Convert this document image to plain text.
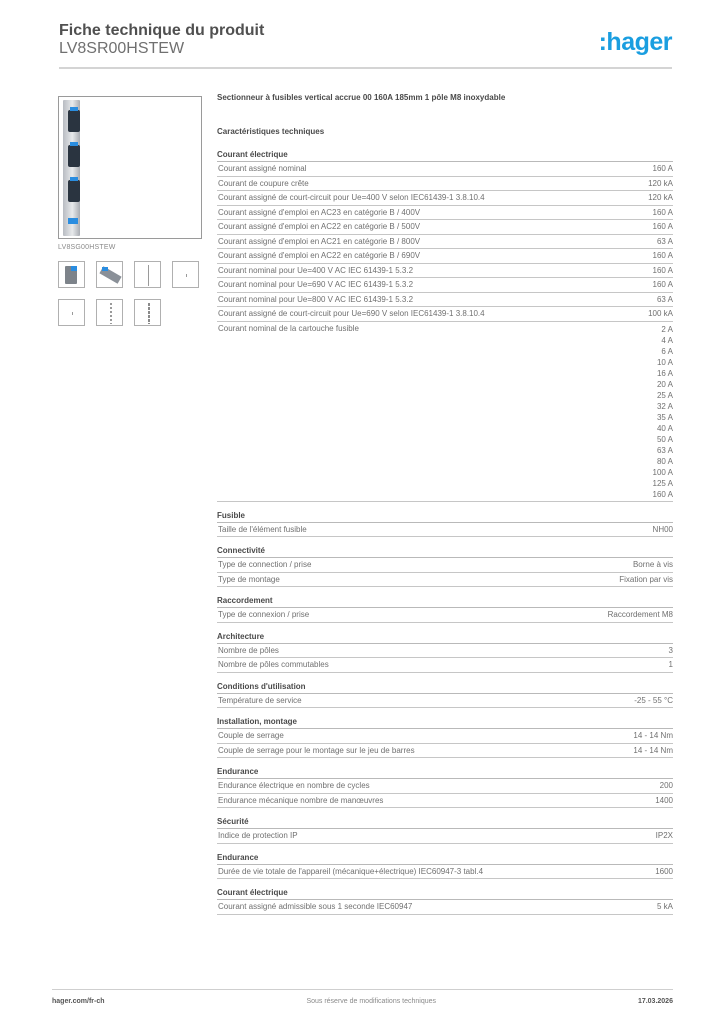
Fiche technique du produit
LV8SR00HSTEW	:hager
LV8SG00HSTEW
Sectionneur à fusibles vertical accrue 00 160A 185mm 1 pôle M8 inoxydable
Caractéristiques techniques
Courant électrique
Courant assigné nominal	160 A
Courant de coupure crête	120 kA
Courant assigné de court-circuit pour Ue=400 V selon IEC61439-1 3.8.10.4	120 kA
Courant assigné d'emploi en AC23 en catégorie B / 400V	160 A
Courant assigné d'emploi en AC22 en catégorie B / 500V	160 A
Courant assigné d'emploi en AC21 en catégorie B / 800V	63 A
Courant assigné d'emploi en AC22 en catégorie B / 690V	160 A
Courant nominal pour Ue=400 V AC IEC 61439-1 5.3.2	160 A
Courant nominal pour Ue=690 V AC IEC 61439-1 5.3.2	160 A
Courant nominal pour Ue=800 V AC IEC 61439-1 5.3.2	63 A
Courant assigné de court-circuit pour Ue=690 V selon IEC61439-1 3.8.10.4	100 kA
Courant nominal de la cartouche fusible	2 A
4 A
6 A
10 A
16 A
20 A
25 A
32 A
35 A
40 A
50 A
63 A
80 A
100 A
125 A
160 A
Fusible
Taille de l'élément fusible	NH00
Connectivité
Type de connection / prise	Borne à vis
Type de montage	Fixation par vis
Raccordement
Type de connexion / prise	Raccordement M8
Architecture
Nombre de pôles	3
Nombre de pôles commutables	1
Conditions d'utilisation
Température de service	-25 - 55 °C
Installation, montage
Couple de serrage	14 - 14 Nm
Couple de serrage pour le montage sur le jeu de barres	14 - 14 Nm
Endurance
Endurance électrique en nombre de cycles	200
Endurance mécanique nombre de manœuvres	1400
Sécurité
Indice de protection IP	IP2X
Endurance
Durée de vie totale de l'appareil (mécanique+électrique) IEC60947-3 tabl.4	1600
Courant électrique
Courant assigné admissible sous 1 seconde IEC60947	5 kA
hager.com/fr-ch	Sous réserve de modifications techniques	17.03.2026
